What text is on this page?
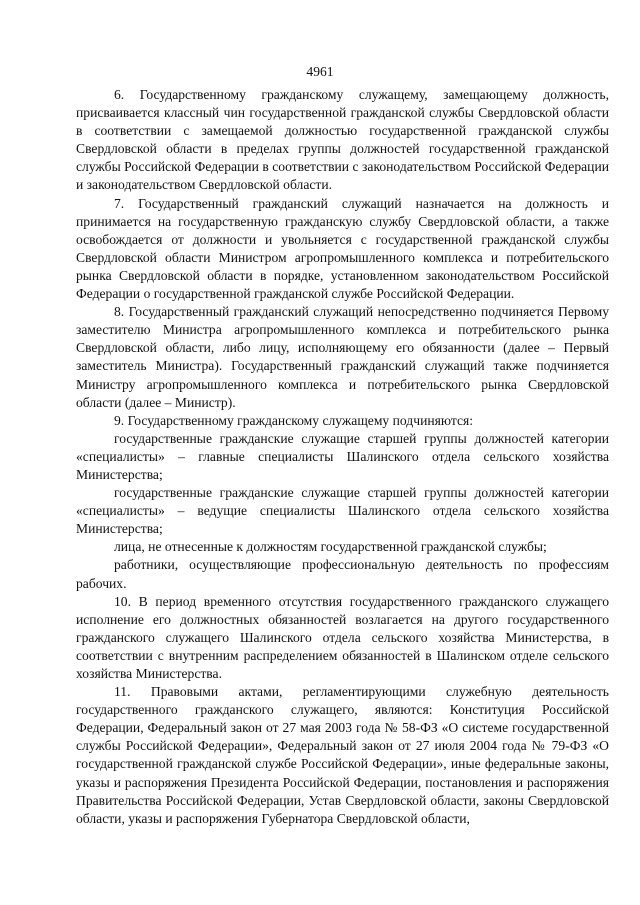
4961

6. Государственному гражданскому служащему, замещающему должность, присваивается классный чин государственной гражданской службы Свердловской области в соответствии с замещаемой должностью государственной гражданской службы Свердловской области в пределах группы должностей государственной гражданской службы Российской Федерации в соответствии с законодательством Российской Федерации и законодательством Свердловской области.

7. Государственный гражданский служащий назначается на должность и принимается на государственную гражданскую службу Свердловской области, а также освобождается от должности и увольняется с государственной гражданской службы Свердловской области Министром агропромышленного комплекса и потребительского рынка Свердловской области в порядке, установленном законодательством Российской Федерации о государственной гражданской службе Российской Федерации.

8. Государственный гражданский служащий непосредственно подчиняется Первому заместителю Министра агропромышленного комплекса и потребительского рынка Свердловской области, либо лицу, исполняющему его обязанности (далее – Первый заместитель Министра). Государственный гражданский служащий также подчиняется Министру агропромышленного комплекса и потребительского рынка Свердловской области (далее – Министр).

9. Государственному гражданскому служащему подчиняются:

государственные гражданские служащие старшей группы должностей категории «специалисты» – главные специалисты Шалинского отдела сельского хозяйства Министерства;

государственные гражданские служащие старшей группы должностей категории «специалисты» – ведущие специалисты Шалинского отдела сельского хозяйства Министерства;

лица, не отнесенные к должностям государственной гражданской службы;

работники, осуществляющие профессиональную деятельность по профессиям рабочих.

10. В период временного отсутствия государственного гражданского служащего исполнение его должностных обязанностей возлагается на другого государственного гражданского служащего Шалинского отдела сельского хозяйства Министерства, в соответствии с внутренним распределением обязанностей в Шалинском отделе сельского хозяйства Министерства.

11. Правовыми актами, регламентирующими служебную деятельность государственного гражданского служащего, являются: Конституция Российской Федерации, Федеральный закон от 27 мая 2003 года № 58-ФЗ «О системе государственной службы Российской Федерации», Федеральный закон от 27 июля 2004 года № 79-ФЗ «О государственной гражданской службе Российской Федерации», иные федеральные законы, указы и распоряжения Президента Российской Федерации, постановления и распоряжения Правительства Российской Федерации, Устав Свердловской области, законы Свердловской области, указы и распоряжения Губернатора Свердловской области,
